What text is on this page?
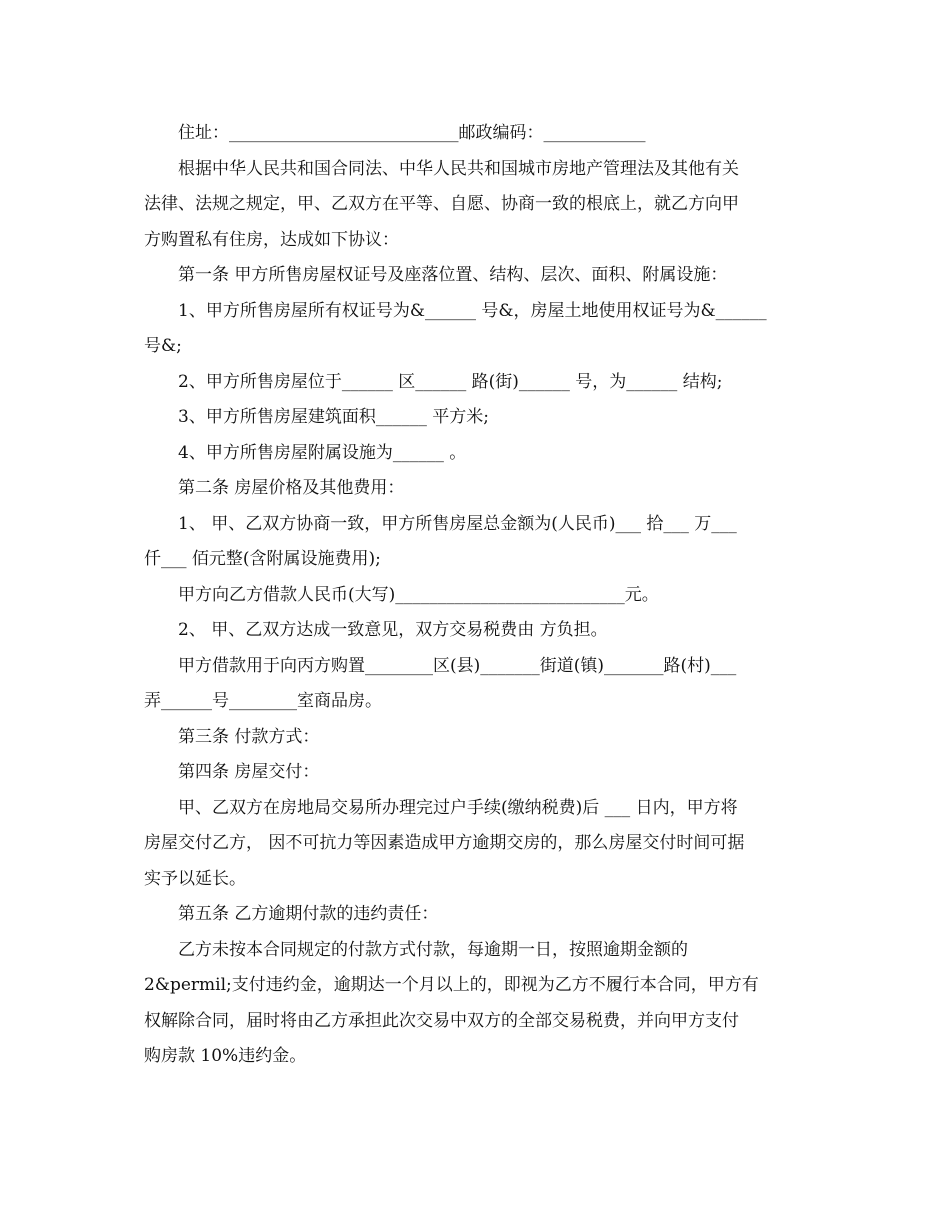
住址：___________________________邮政编码：____________
根据中华人民共和国合同法、中华人民共和国城市房地产管理法及其他有关
法律、法规之规定，甲、乙双方在平等、自愿、协商一致的根底上，就乙方向甲
方购置私有住房，达成如下协议：
第一条 甲方所售房屋权证号及座落位置、结构、层次、面积、附属设施：
1、甲方所售房屋所有权证号为&______ 号&，房屋土地使用权证号为&______
号&;
2、甲方所售房屋位于______ 区______ 路(街)______ 号，为______ 结构;
3、甲方所售房屋建筑面积______ 平方米;
4、甲方所售房屋附属设施为______ 。
第二条 房屋价格及其他费用：
1、 甲、乙双方协商一致，甲方所售房屋总金额为(人民币)___ 拾___ 万___
仟___ 佰元整(含附属设施费用);
甲方向乙方借款人民币(大写)___________________________元。
2、 甲、乙双方达成一致意见，双方交易税费由 方负担。
甲方借款用于向丙方购置________区(县)_______街道(镇)_______路(村)___
弄______号________室商品房。
第三条 付款方式：
第四条 房屋交付：
甲、乙双方在房地局交易所办理完过户手续(缴纳税费)后 ___ 日内，甲方将
房屋交付乙方， 因不可抗力等因素造成甲方逾期交房的，那么房屋交付时间可据
实予以延长。
第五条 乙方逾期付款的违约责任：
乙方未按本合同规定的付款方式付款，每逾期一日，按照逾期金额的
2&permil;支付违约金，逾期达一个月以上的，即视为乙方不履行本合同，甲方有
权解除合同，届时将由乙方承担此次交易中双方的全部交易税费，并向甲方支付
购房款 10%违约金。
